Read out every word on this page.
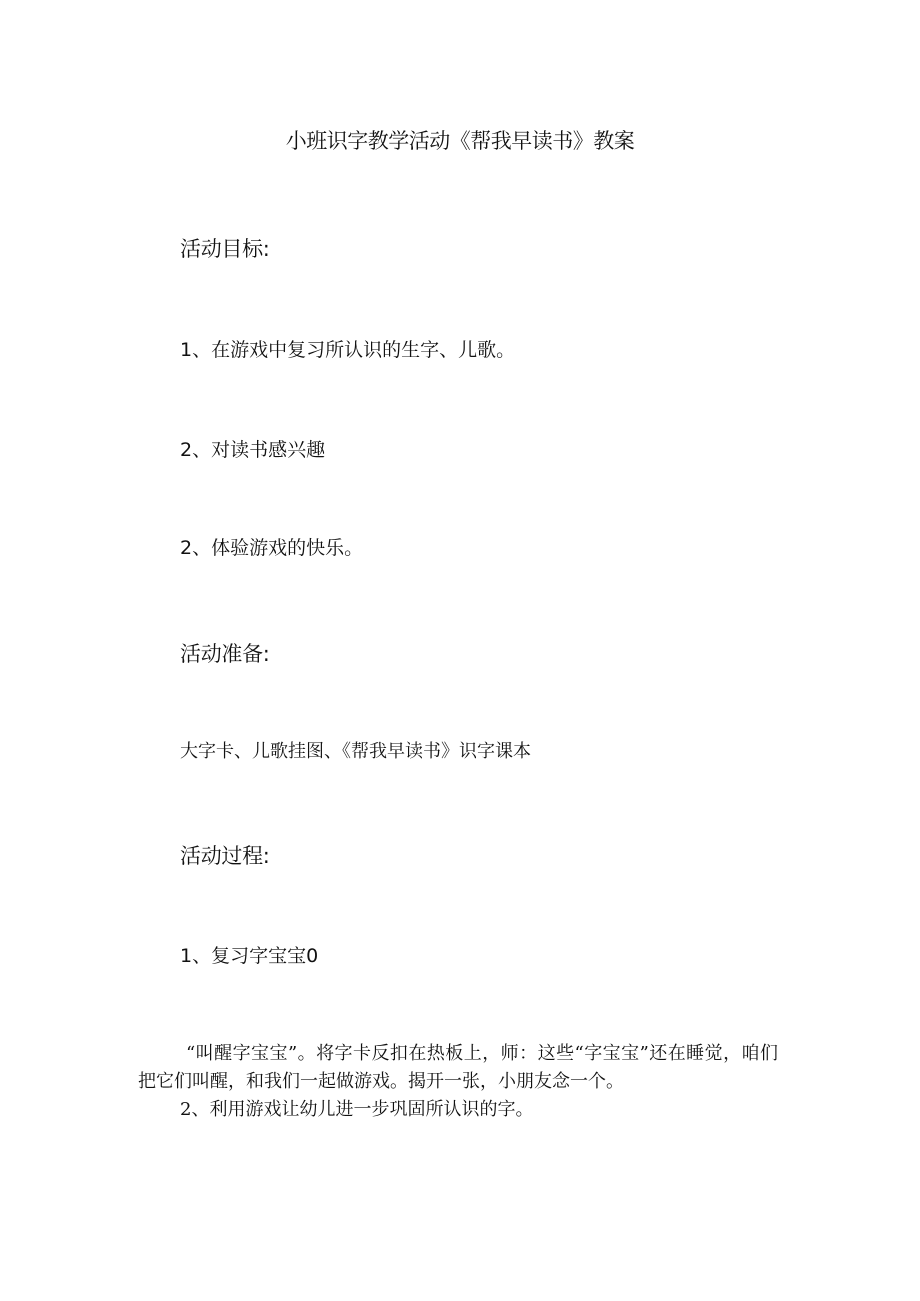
小班识字教学活动《帮我早读书》教案
活动目标:
1、在游戏中复习所认识的生字、儿歌。
2、对读书感兴趣
2、体验游戏的快乐。
活动准备:
大字卡、儿歌挂图、《帮我早读书》识字课本
活动过程:
1、复习字宝宝0
“叫醒字宝宝”。将字卡反扣在热板上，师：这些“字宝宝”还在睡觉，咱们把它们叫醒，和我们一起做游戏。揭开一张，小朋友念一个。
2、利用游戏让幼儿进一步巩固所认识的字。
